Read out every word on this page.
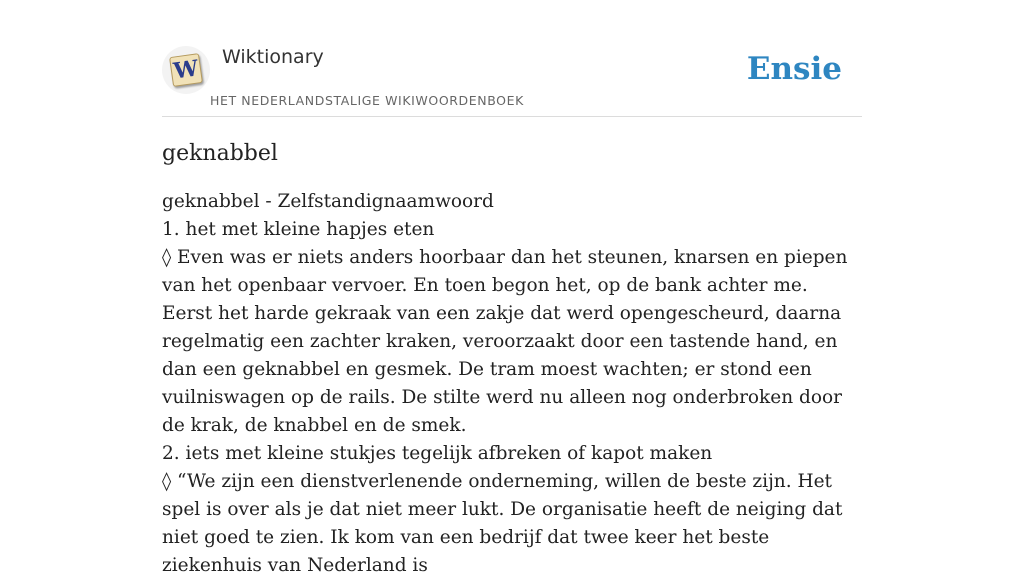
W Wiktionary
HET NEDERLANDSTALIGE WIKIWOORDENBOEK
Ensie
geknabbel

geknabbel - Zelfstandignaamwoord

1. het met kleine hapjes eten

◊ Even was er niets anders hoorbaar dan het steunen, knarsen en piepen van het openbaar vervoer. En toen begon het, op de bank achter me. Eerst het harde gekraak van een zakje dat werd opengescheurd, daarna regelmatig een zachter kraken, veroorzaakt door een tastende hand, en dan een geknabbel en gesmek. De tram moest wachten; er stond een vuilniswagen op de rails. De stilte werd nu alleen nog onderbroken door de krak, de knabbel en de smek.

2. iets met kleine stukjes tegelijk afbreken of kapot maken

◊ “We zijn een dienstverlenende onderneming, willen de beste zijn. Het spel is over als je dat niet meer lukt. De organisatie heeft de neiging dat niet goed te zien. Ik kom van een bedrijf dat twee keer het beste ziekenhuis van Nederland is
